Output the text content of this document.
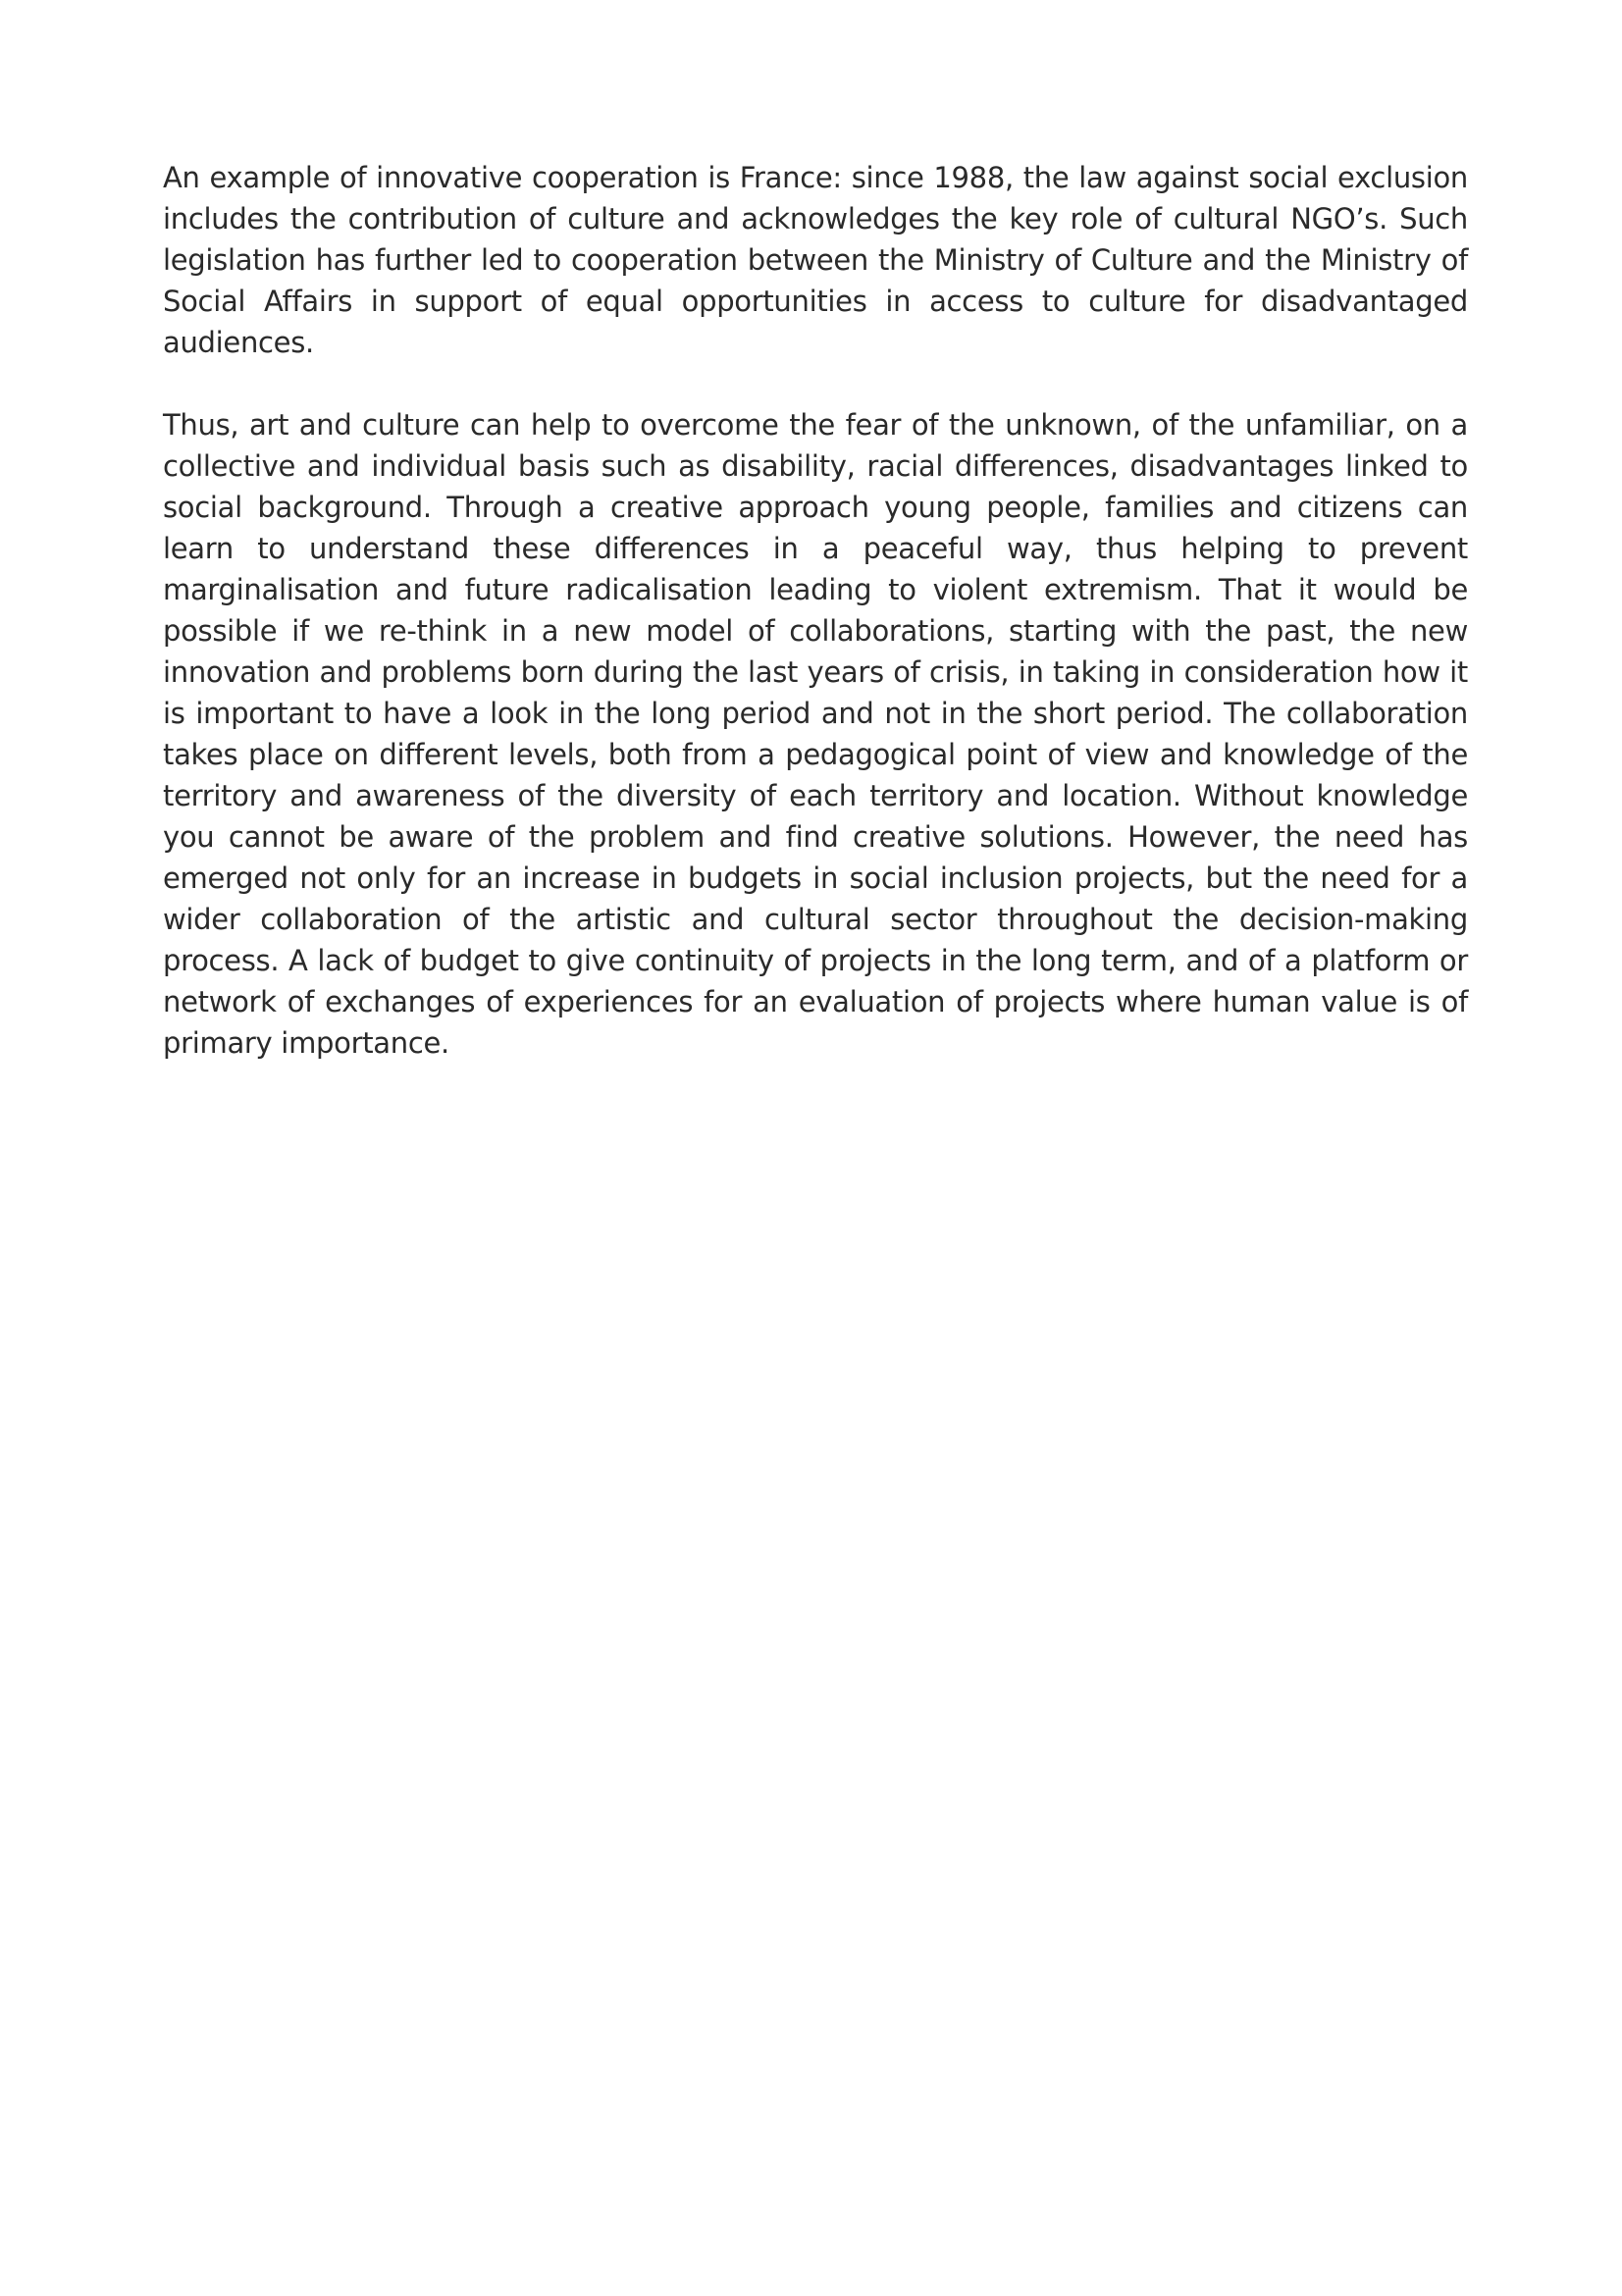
An example of innovative cooperation is France: since 1988, the law against social exclusion includes the contribution of culture and acknowledges the key role of cultural NGO’s. Such legislation has further led to cooperation between the Ministry of Culture and the Ministry of Social Affairs in support of equal opportunities in access to culture for disadvantaged audiences.

Thus, art and culture can help to overcome the fear of the unknown, of the unfamiliar, on a collective and individual basis such as disability, racial differences, disadvantages linked to social background. Through a creative approach young people, families and citizens can learn to understand these differences in a peaceful way, thus helping to prevent marginalisation and future radicalisation leading to violent extremism. That it would be possible if we re-think in a new model of collaborations, starting with the past, the new innovation and problems born during the last years of crisis, in taking in consideration how it is important to have a look in the long period and not in the short period. The collaboration takes place on different levels, both from a pedagogical point of view and knowledge of the territory and awareness of the diversity of each territory and location. Without knowledge you cannot be aware of the problem and find creative solutions. However, the need has emerged not only for an increase in budgets in social inclusion projects, but the need for a wider collaboration of the artistic and cultural sector throughout the decision-making process. A lack of budget to give continuity of projects in the long term, and of a platform or network of exchanges of experiences for an evaluation of projects where human value is of primary importance.
